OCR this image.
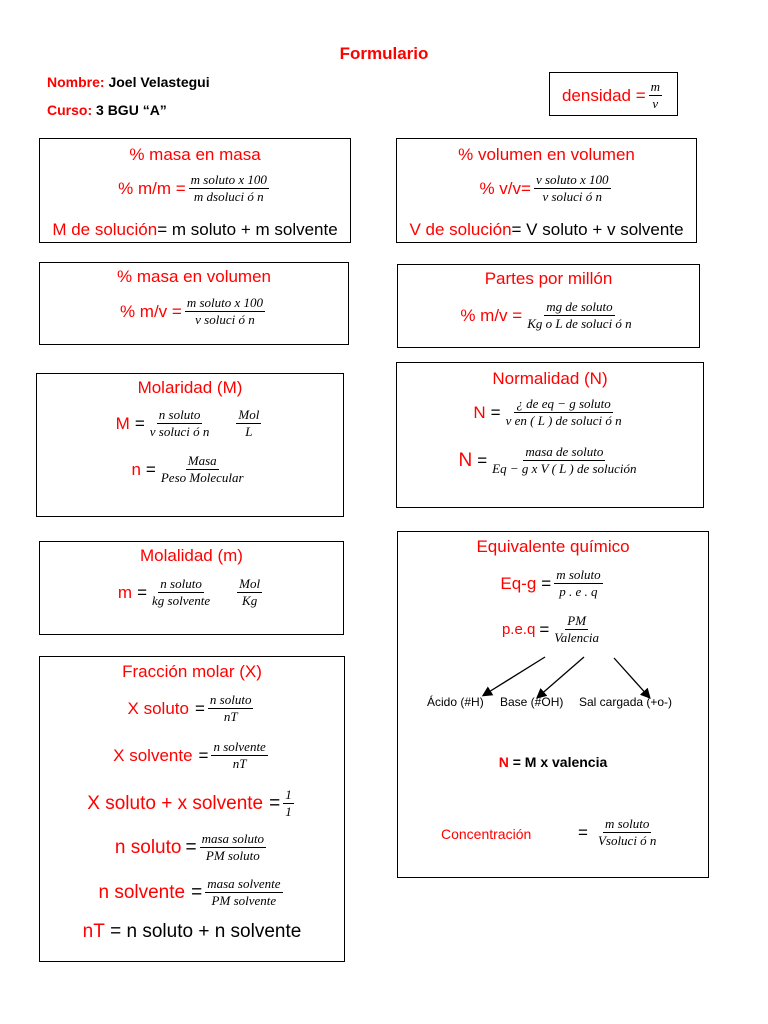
Formulario
Nombre: Joel Velastegui
Curso: 3 BGU “A”
densidad = $\frac{m}{v}$
% masa en masa
% $m/m = \frac{\text{m soluto x 100}}{\text{m dsoluci ó n}}$
M de solución = m soluto + m solvente
% volumen en volumen
% $v/v= \frac{\text{v soluto x 100}}{\text{v soluci ó n}}$
V de solución = V soluto + v solvente
% masa en volumen
% $m/v = \frac{\text{m soluto x 100}}{\text{v soluci ó n}}$
Partes por millón
% $m/v = \frac{\text{mg de soluto}}{\text{Kg o L de soluci ó n}}$
Molaridad (M)
$M = \frac{\text{n soluto}}{\text{v soluci ó n}} \frac{\text{Mol}}{L}$
$n = \frac{\text{Masa}}{\text{Peso Molecular}}$
Normalidad (N)
$N = \frac{\text{¿ de eq − g soluto}}{\text{v en ( L ) de soluci ó n}}$
$N = \frac{\text{masa de soluto}}{\text{Eq − g x V ( L ) de solución}}$
Molalidad (m)
$m = \frac{\text{n soluto}}{\text{kg solvente}} \frac{\text{Mol}}{Kg}$
Equivalente químico
$Eq-g = \frac{\text{m soluto}}{p . e . q}$
$p.e.q = \frac{PM}{\text{Valencia}}$
Ácido (#H) Base (#OH) Sal cargada (+o-)
N = M x valencia
Concentración	= $\frac{\text{m soluto}}{\text{Vsoluci ó n}}$
Fracción molar (X)
X soluto = $\frac{\text{n soluto}}{nT}$
X solvente = $\frac{\text{n solvente}}{nT}$
X soluto + x solvente = $\frac{1}{1}$
n soluto = $\frac{\text{masa soluto}}{\text{PM soluto}}$
n solvente = $\frac{\text{masa solvente}}{\text{PM solvente}}$
nT = n soluto + n solvente
